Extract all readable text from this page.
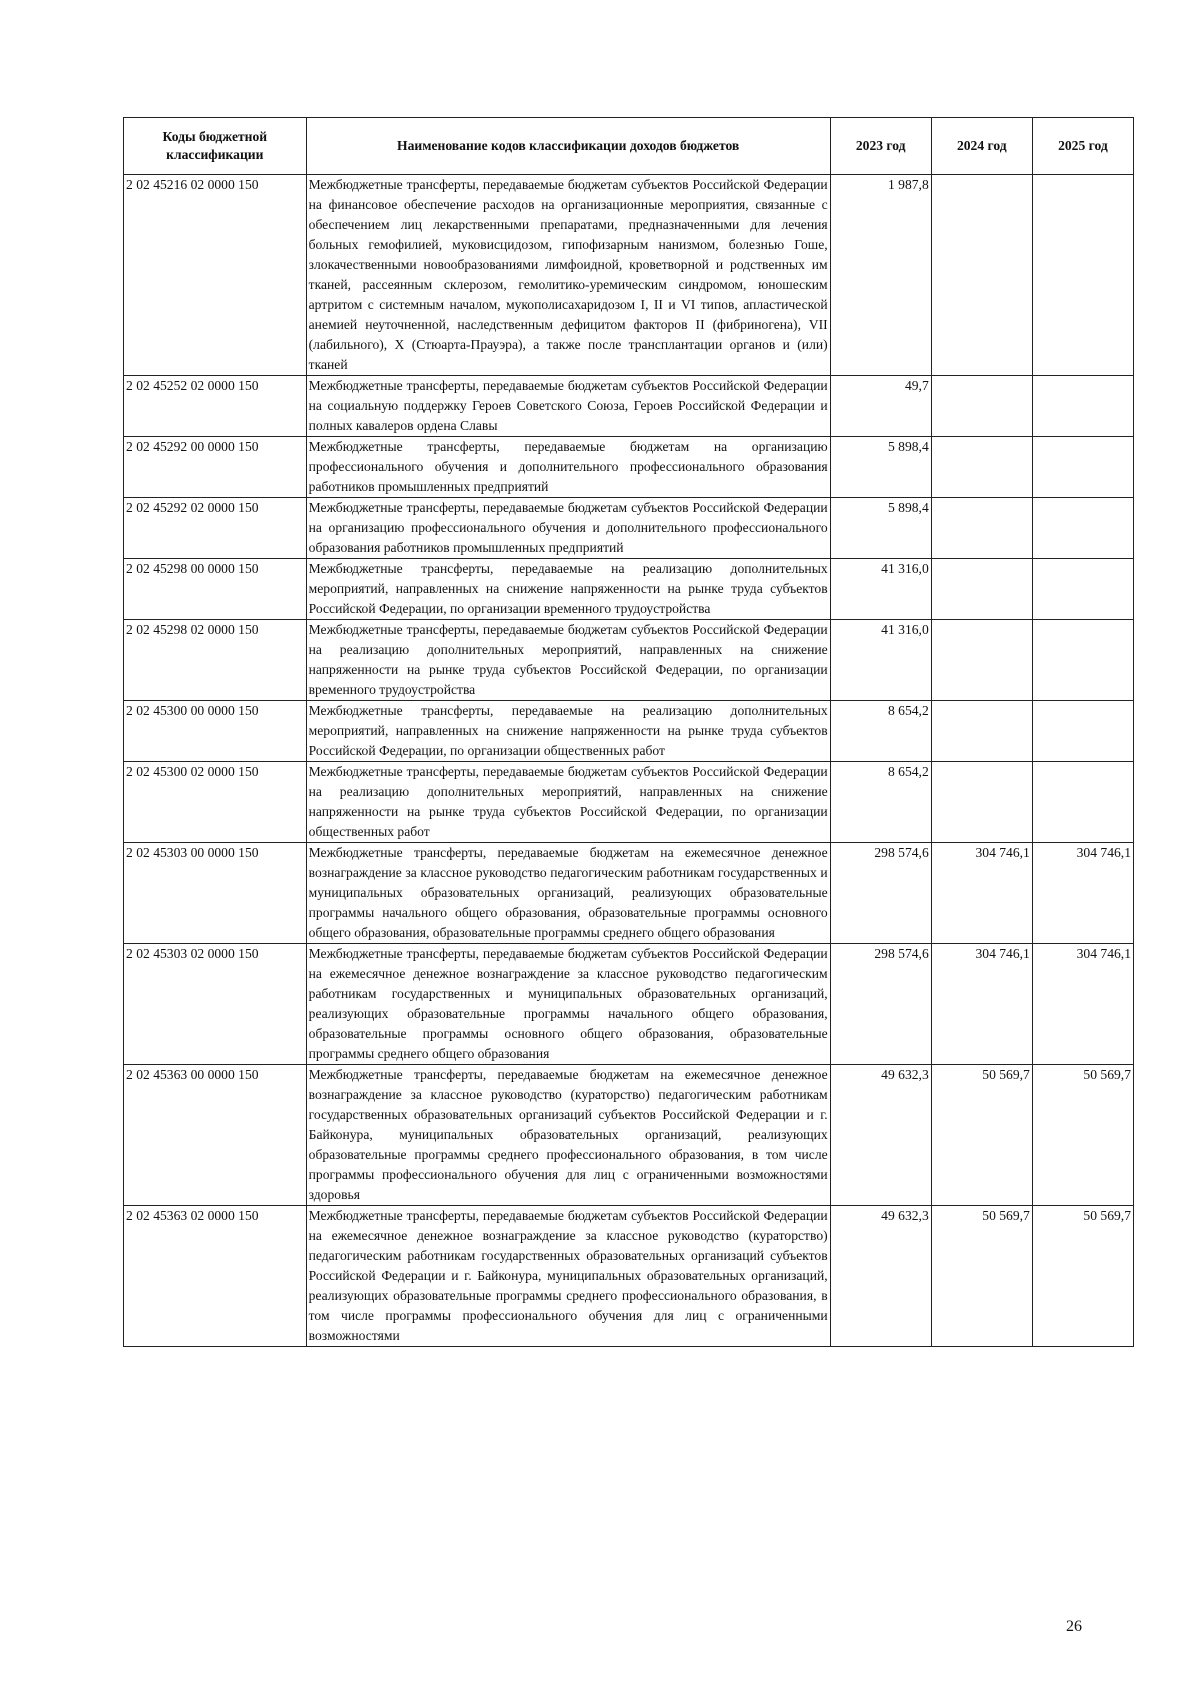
Коды бюджетной классификации	Наименование кодов классификации доходов бюджетов	2023 год	2024 год	2025 год
2 02 45216 02 0000 150	Межбюджетные трансферты, передаваемые бюджетам субъектов Российской Федерации на финансовое обеспечение расходов на организационные мероприятия, связанные с обеспечением лиц лекарственными препаратами, предназначенными для лечения больных гемофилией, муковисцидозом, гипофизарным нанизмом, болезнью Гоше, злокачественными новообразованиями лимфоидной, кроветворной и родственных им тканей, рассеянным склерозом, гемолитико-уремическим синдромом, юношеским артритом с системным началом, мукополисахаридозом I, II и VI типов, апластической анемией неуточненной, наследственным дефицитом факторов II (фибриногена), VII (лабильного), X (Стюарта-Прауэра), а также после трансплантации органов и (или) тканей	1 987,8		
2 02 45252 02 0000 150	Межбюджетные трансферты, передаваемые бюджетам субъектов Российской Федерации на социальную поддержку Героев Советского Союза, Героев Российской Федерации и полных кавалеров ордена Славы	49,7		
2 02 45292 00 0000 150	Межбюджетные трансферты, передаваемые бюджетам на организацию профессионального обучения и дополнительного профессионального образования работников промышленных предприятий	5 898,4		
2 02 45292 02 0000 150	Межбюджетные трансферты, передаваемые бюджетам субъектов Российской Федерации на организацию профессионального обучения и дополнительного профессионального образования работников промышленных предприятий	5 898,4		
2 02 45298 00 0000 150	Межбюджетные трансферты, передаваемые на реализацию дополнительных мероприятий, направленных на снижение напряженности на рынке труда субъектов Российской Федерации, по организации временного трудоустройства	41 316,0		
2 02 45298 02 0000 150	Межбюджетные трансферты, передаваемые бюджетам субъектов Российской Федерации на реализацию дополнительных мероприятий, направленных на снижение напряженности на рынке труда субъектов Российской Федерации, по организации временного трудоустройства	41 316,0		
2 02 45300 00 0000 150	Межбюджетные трансферты, передаваемые на реализацию дополнительных мероприятий, направленных на снижение напряженности на рынке труда субъектов Российской Федерации, по организации общественных работ	8 654,2		
2 02 45300 02 0000 150	Межбюджетные трансферты, передаваемые бюджетам субъектов Российской Федерации на реализацию дополнительных мероприятий, направленных на снижение напряженности на рынке труда субъектов Российской Федерации, по организации общественных работ	8 654,2		
2 02 45303 00 0000 150	Межбюджетные трансферты, передаваемые бюджетам на ежемесячное денежное вознаграждение за классное руководство педагогическим работникам государственных и муниципальных образовательных организаций, реализующих образовательные программы начального общего образования, образовательные программы основного общего образования, образовательные программы среднего общего образования	298 574,6	304 746,1	304 746,1
2 02 45303 02 0000 150	Межбюджетные трансферты, передаваемые бюджетам субъектов Российской Федерации на ежемесячное денежное вознаграждение за классное руководство педагогическим работникам государственных и муниципальных образовательных организаций, реализующих образовательные программы начального общего образования, образовательные программы основного общего образования, образовательные программы среднего общего образования	298 574,6	304 746,1	304 746,1
2 02 45363 00 0000 150	Межбюджетные трансферты, передаваемые бюджетам на ежемесячное денежное вознаграждение за классное руководство (кураторство) педагогическим работникам государственных образовательных организаций субъектов Российской Федерации и г. Байконура, муниципальных образовательных организаций, реализующих образовательные программы среднего профессионального образования, в том числе программы профессионального обучения для лиц с ограниченными возможностями здоровья	49 632,3	50 569,7	50 569,7
2 02 45363 02 0000 150	Межбюджетные трансферты, передаваемые бюджетам субъектов Российской Федерации на ежемесячное денежное вознаграждение за классное руководство (кураторство) педагогическим работникам государственных образовательных организаций субъектов Российской Федерации и г. Байконура, муниципальных образовательных организаций, реализующих образовательные программы среднего профессионального образования, в том числе программы профессионального обучения для лиц с ограниченными возможностями	49 632,3	50 569,7	50 569,7
26
